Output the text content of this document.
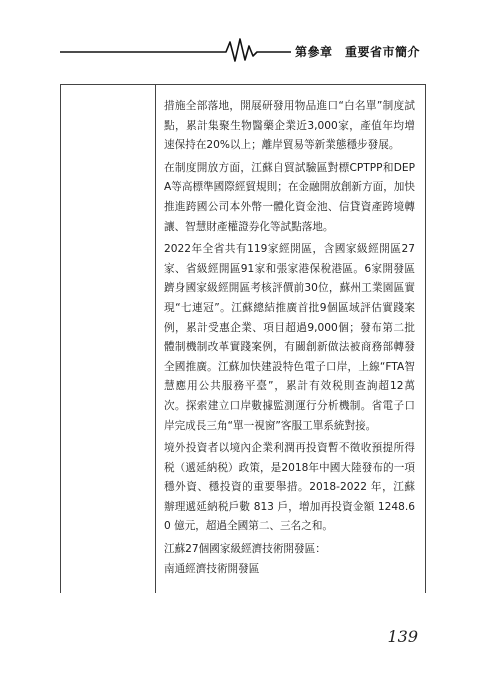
第參章　重要省市簡介

措施全部落地，開展研發用物品進口“白名單”制度試點，累計集聚生物醫藥企業近3,000家，產值年均增速保持在20%以上；離岸貿易等新業態穩步發展。

在制度開放方面，江蘇自貿試驗區對標CPTPP和DEPA等高標準國際經貿規則；在金融開放創新方面，加快推進跨國公司本外幣一體化資金池、信貸資產跨境轉讓、智慧財產權證券化等試點落地。

2022年全省共有119家經開區，含國家級經開區27家、省級經開區91家和張家港保稅港區。6家開發區躋身國家級經開區考核評價前30位，蘇州工業園區實現“七連冠”。江蘇總結推廣首批9個區域評估實踐案例，累計受惠企業、項目超過9,000個；發布第二批體制機制改革實踐案例，有關創新做法被商務部轉發全國推廣。江蘇加快建設特色電子口岸，上線“FTA智慧應用公共服務平臺”，累計有效税則查詢超12萬次。探索建立口岸數據監測運行分析機制。省電子口岸完成長三角“單一視窗”客服工單系統對接。

境外投資者以境內企業利潤再投資暫不徵收預提所得税（遞延納税）政策，是2018年中國大陸發布的一項穩外資、穩投資的重要舉措。2018-2022 年，江蘇辦理遞延納税戶數 813 戶，增加再投資金額 1248.60 億元，超過全國第二、三名之和。

江蘇27個國家級經濟技術開發區：

南通經濟技術開發區

139
